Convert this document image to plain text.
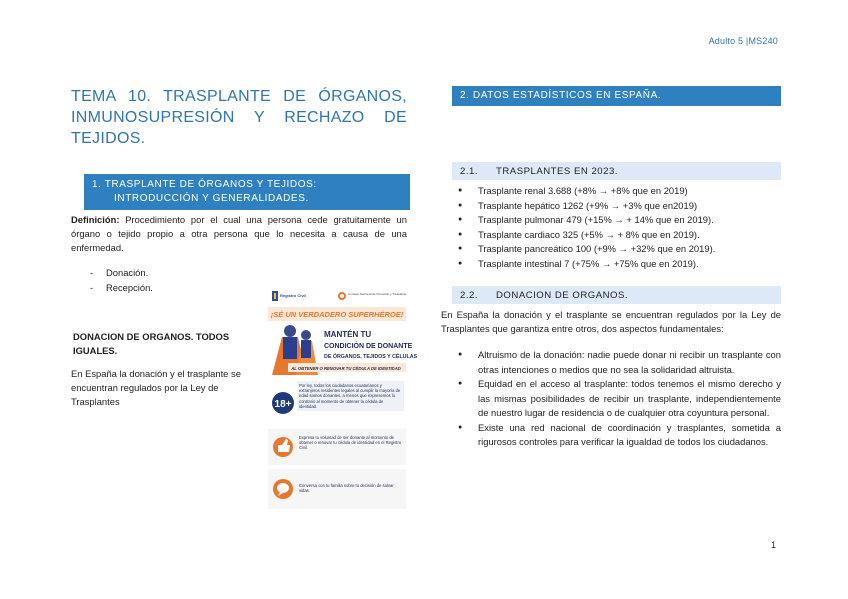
Adulto 5 |MS240
TEMA 10. TRASPLANTE DE ÓRGANOS, INMUNOSUPRESIÓN Y RECHAZO DE TEJIDOS.
1. TRASPLANTE DE ÓRGANOS Y TEJIDOS:
INTRODUCCIÓN Y GENERALIDADES.
Definición: Procedimiento por el cual una persona cede gratuitamente un órgano o tejido propio a otra persona que lo necesita a causa de una enfermedad.
- Donación.
- Recepción.
DONACION DE ORGANOS. TODOS IGUALES.
En España la donación y el trasplante se encuentran regulados por la Ley de Trasplantes
Registro Civil	Consejo Nacional de Donación y Trasplante
¡SÉ UN VERDADERO SUPERHÉROE!
MANTÉN TU
CONDICIÓN DE DONANTE
DE ÓRGANOS, TEJIDOS Y CÉLULAS
AL OBTENER O RENOVAR TU CÉDULA DE IDENTIDAD
18+
Por ley, todos los ciudadanos ecuatorianos y extranjeros residentes legales al cumplir la mayoría de edad somos donantes, a menos que expresemos lo contrario al momento de obtener la cédula de identidad.
Expresa tu voluntad de ser donante al momento de obtener o renovar tu cédula de identidad en el Registro Civil.
Conversa con tu familia sobre tu decisión de salvar vidas.
2. DATOS ESTADÍSTICOS EN ESPAÑA.
2.1. TRASPLANTES EN 2023.
● Trasplante renal 3.688 (+8% → +8% que en 2019)
● Trasplante hepático 1262 (+9% → +3% que en2019)
● Trasplante pulmonar 479 (+15% → + 14% que en 2019).
● Trasplante cardiaco 325 (+5% → + 8% que en 2019).
● Trasplante pancreático 100 (+9% → +32% que en 2019).
● Trasplante intestinal 7 (+75% → +75% que en 2019).
2.2. DONACION DE ORGANOS.
En España la donación y el trasplante se encuentran regulados por la Ley de Trasplantes que garantiza entre otros, dos aspectos fundamentales:
● Altruismo de la donación: nadie puede donar ni recibir un trasplante con otras intenciones o medios que no sea la solidaridad altruista.
● Equidad en el acceso al trasplante: todos tenemos el mismo derecho y las mismas posibilidades de recibir un trasplante, independientemente de nuestro lugar de residencia o de cualquier otra coyuntura personal.
● Existe una red nacional de coordinación y trasplantes, sometida a rigurosos controles para verificar la igualdad de todos los ciudadanos.
1
